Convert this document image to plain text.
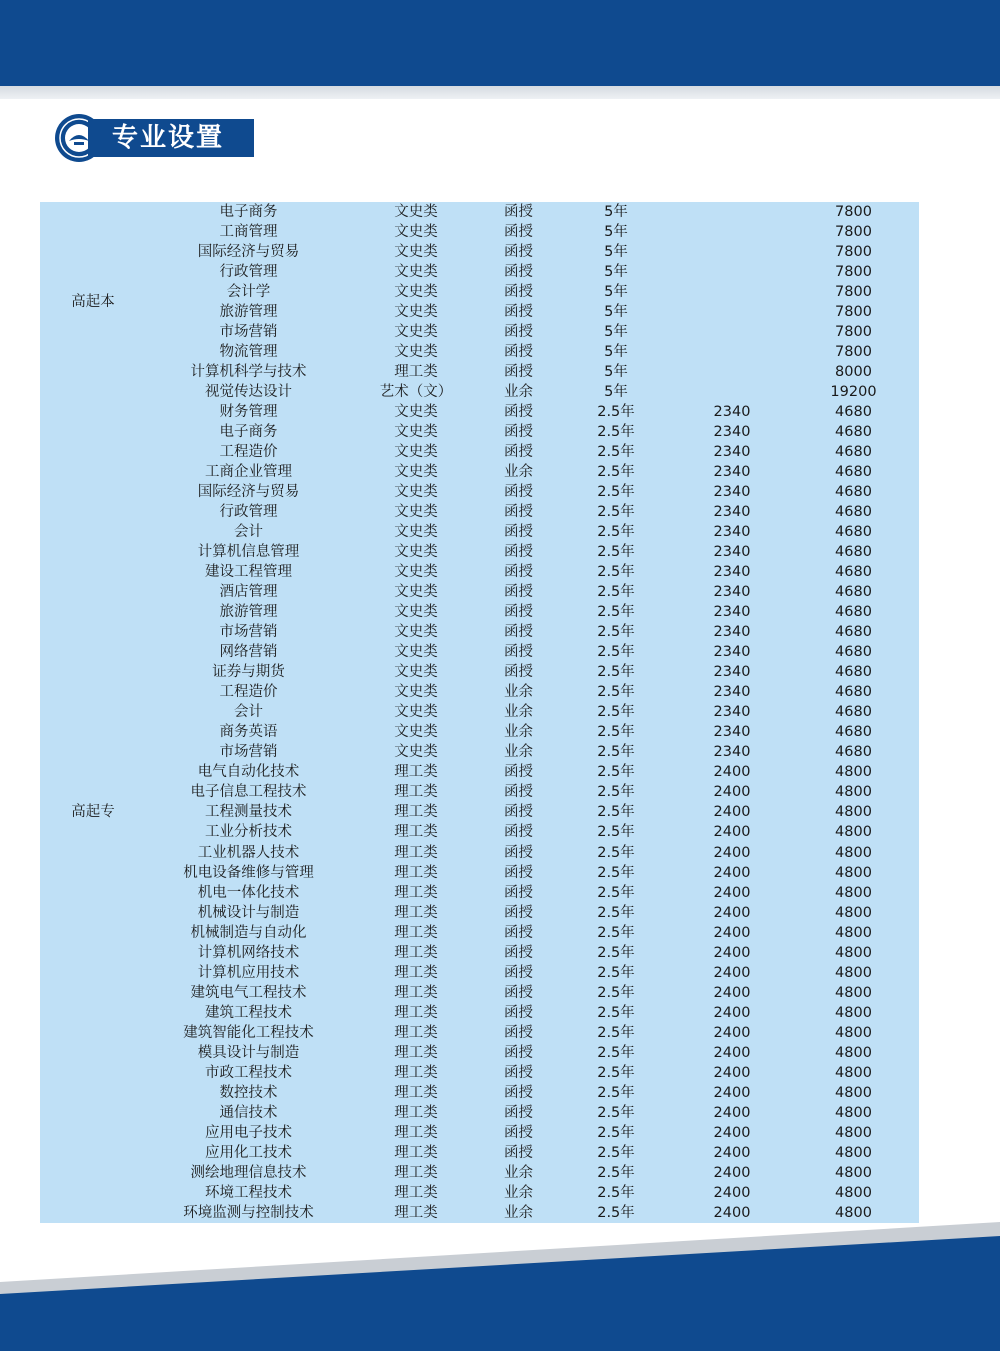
专业设置
高起本	电子商务	文史类	函授	5年		7800
	工商管理	文史类	函授	5年		7800
	国际经济与贸易	文史类	函授	5年		7800
	行政管理	文史类	函授	5年		7800
	会计学	文史类	函授	5年		7800
	旅游管理	文史类	函授	5年		7800
	市场营销	文史类	函授	5年		7800
	物流管理	文史类	函授	5年		7800
	计算机科学与技术	理工类	函授	5年		8000
	视觉传达设计	艺术（文）	业余	5年		19200
高起专	财务管理	文史类	函授	2.5年	2340	4680
	电子商务	文史类	函授	2.5年	2340	4680
	工程造价	文史类	函授	2.5年	2340	4680
	工商企业管理	文史类	业余	2.5年	2340	4680
	国际经济与贸易	文史类	函授	2.5年	2340	4680
	行政管理	文史类	函授	2.5年	2340	4680
	会计	文史类	函授	2.5年	2340	4680
	计算机信息管理	文史类	函授	2.5年	2340	4680
	建设工程管理	文史类	函授	2.5年	2340	4680
	酒店管理	文史类	函授	2.5年	2340	4680
	旅游管理	文史类	函授	2.5年	2340	4680
	市场营销	文史类	函授	2.5年	2340	4680
	网络营销	文史类	函授	2.5年	2340	4680
	证券与期货	文史类	函授	2.5年	2340	4680
	工程造价	文史类	业余	2.5年	2340	4680
	会计	文史类	业余	2.5年	2340	4680
	商务英语	文史类	业余	2.5年	2340	4680
	市场营销	文史类	业余	2.5年	2340	4680
	电气自动化技术	理工类	函授	2.5年	2400	4800
	电子信息工程技术	理工类	函授	2.5年	2400	4800
	工程测量技术	理工类	函授	2.5年	2400	4800
	工业分析技术	理工类	函授	2.5年	2400	4800
	工业机器人技术	理工类	函授	2.5年	2400	4800
	机电设备维修与管理	理工类	函授	2.5年	2400	4800
	机电一体化技术	理工类	函授	2.5年	2400	4800
	机械设计与制造	理工类	函授	2.5年	2400	4800
	机械制造与自动化	理工类	函授	2.5年	2400	4800
	计算机网络技术	理工类	函授	2.5年	2400	4800
	计算机应用技术	理工类	函授	2.5年	2400	4800
	建筑电气工程技术	理工类	函授	2.5年	2400	4800
	建筑工程技术	理工类	函授	2.5年	2400	4800
	建筑智能化工程技术	理工类	函授	2.5年	2400	4800
	模具设计与制造	理工类	函授	2.5年	2400	4800
	市政工程技术	理工类	函授	2.5年	2400	4800
	数控技术	理工类	函授	2.5年	2400	4800
	通信技术	理工类	函授	2.5年	2400	4800
	应用电子技术	理工类	函授	2.5年	2400	4800
	应用化工技术	理工类	函授	2.5年	2400	4800
	测绘地理信息技术	理工类	业余	2.5年	2400	4800
	环境工程技术	理工类	业余	2.5年	2400	4800
	环境监测与控制技术	理工类	业余	2.5年	2400	4800
